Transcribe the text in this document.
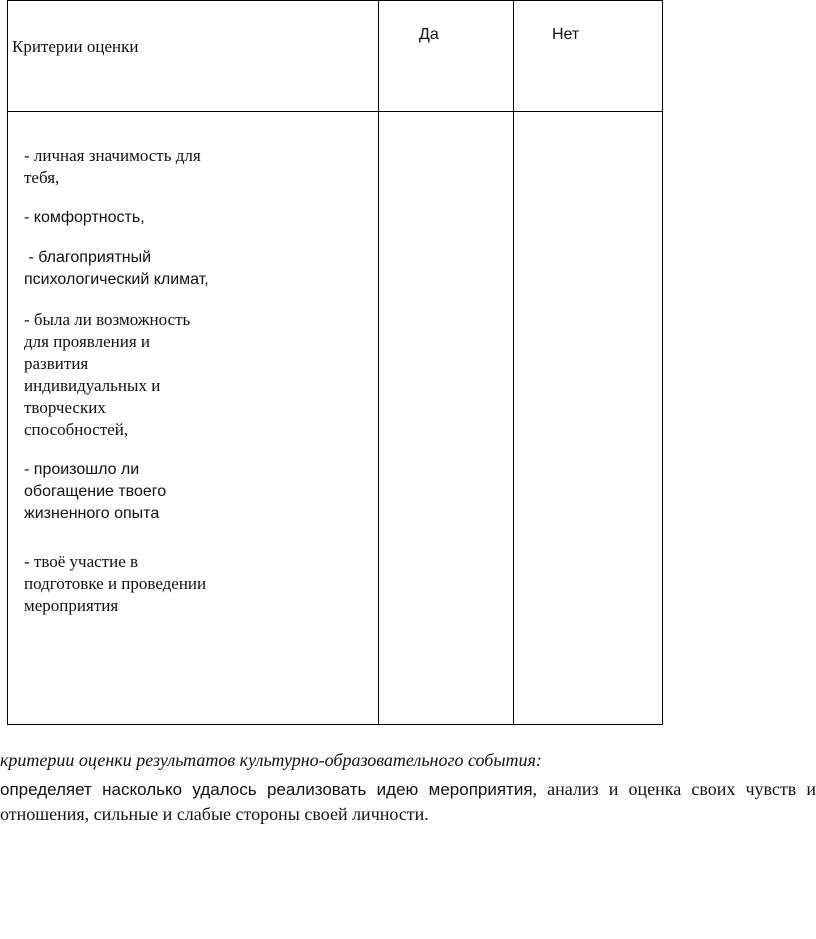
Критерии оценки
Да	Нет

- личная значимость для тебя,

- комфортность,

- благоприятный психологический климат,

- была ли возможность для проявления и развития индивидуальных и творческих способностей,

- произошло ли обогащение твоего жизненного опыта

- твоё участие в подготовке и проведении мероприятия

критерии оценки результатов культурно-образовательного события:
определяет насколько удалось реализовать идею мероприятия, анализ и оценка своих чувств и отношения, сильные и слабые стороны своей личности.
